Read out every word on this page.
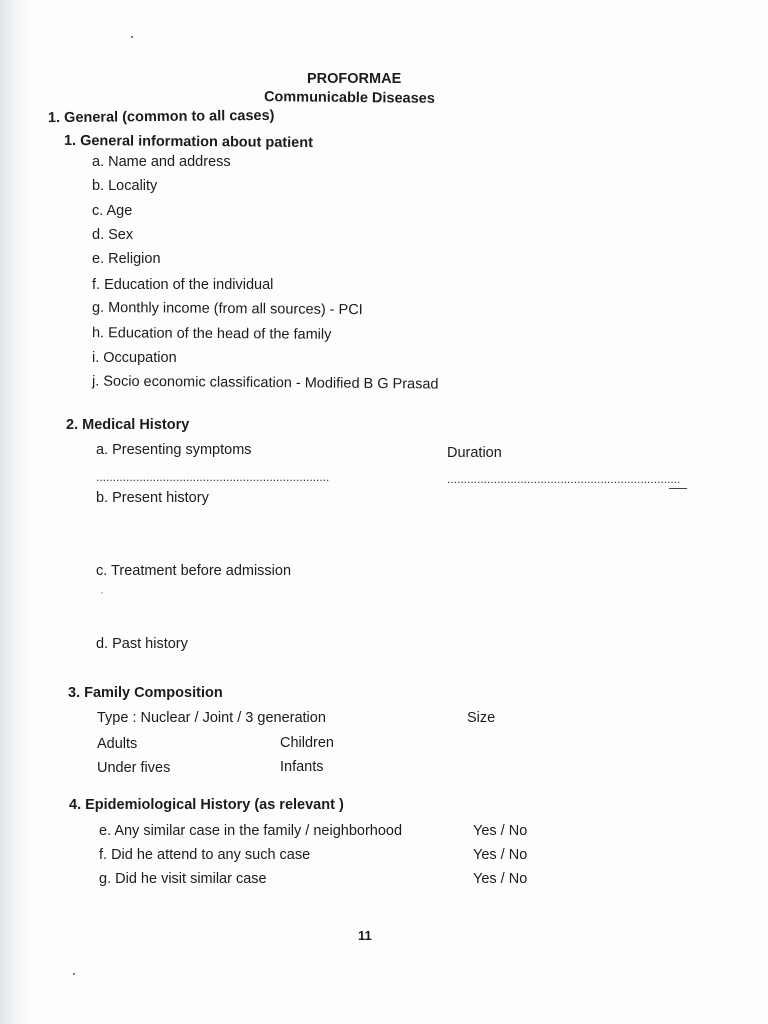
PROFORMAE
Communicable Diseases
1. General (common to all cases)
1. General information about patient
a. Name and address
b. Locality
c. Age
d. Sex
e. Religion
f. Education of the individual
g. Monthly income (from all sources) - PCI
h. Education of the head of the family
i. Occupation
j. Socio economic classification - Modified B G Prasad
2. Medical History
a. Presenting symptoms	Duration
......................................................................	......................................................................
b. Present history
c. Treatment before admission
d. Past history
3. Family Composition
Type : Nuclear / Joint / 3 generation	Size
Adults	Children
Under fives	Infants
4. Epidemiological History (as relevant )
e. Any similar case in the family / neighborhood	Yes / No
f. Did he attend to any such case	Yes / No
g. Did he visit similar case	Yes / No
11
